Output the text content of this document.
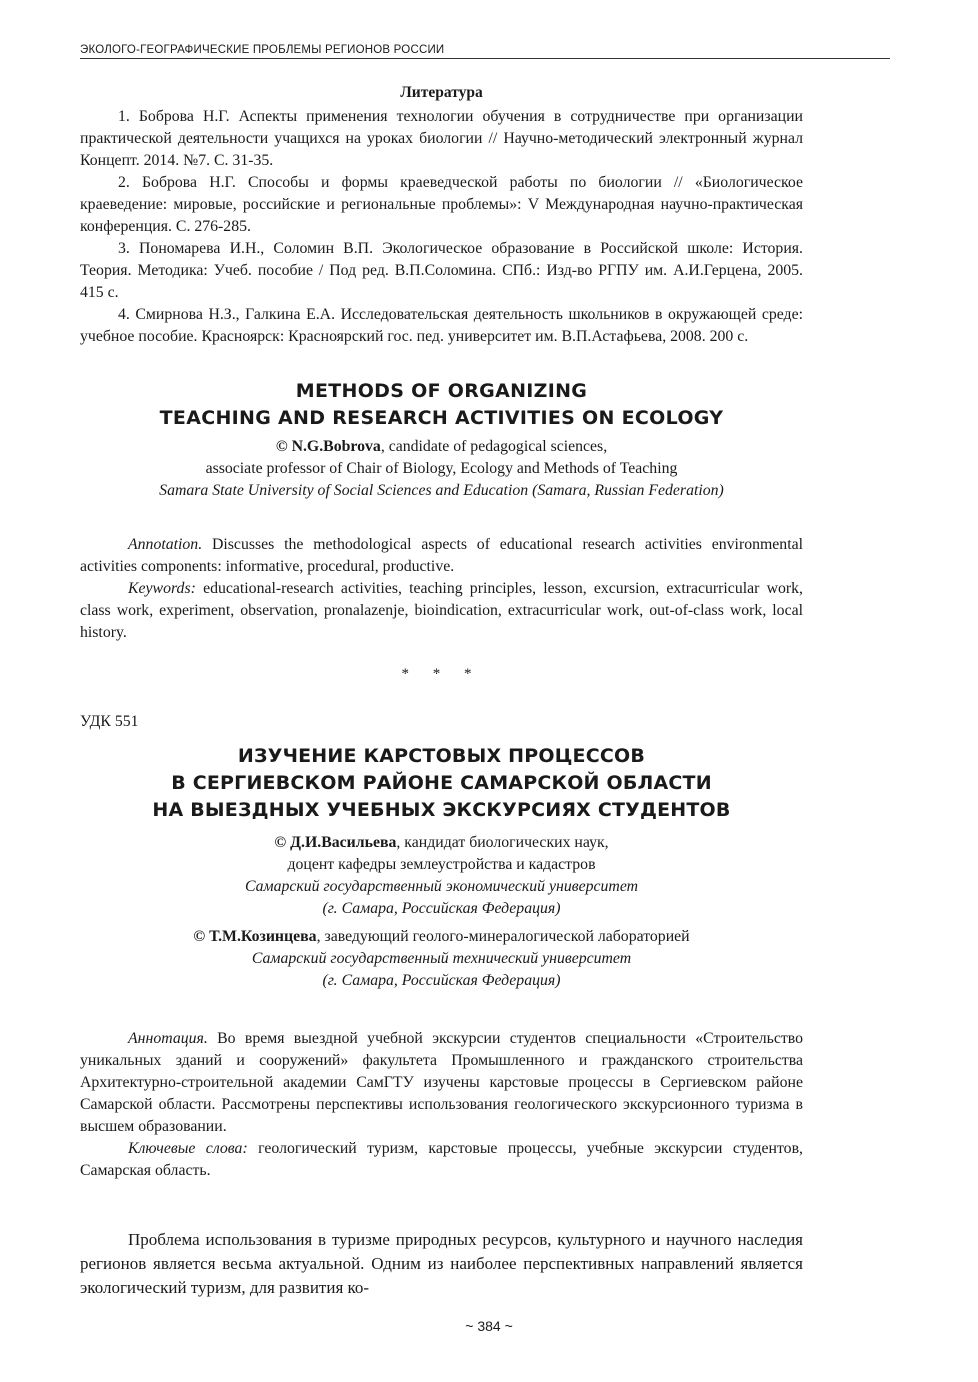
ЭКОЛОГО-ГЕОГРАФИЧЕСКИЕ ПРОБЛЕМЫ РЕГИОНОВ РОССИИ
Литература

1. Боброва Н.Г. Аспекты применения технологии обучения в сотрудничестве при организации практической деятельности учащихся на уроках биологии // Научно-методический электронный журнал Концепт. 2014. №7. С. 31-35.

2. Боброва Н.Г. Способы и формы краеведческой работы по биологии // «Биологическое краеведение: мировые, российские и региональные проблемы»: V Международная научно-практическая конференция. С. 276-285.

3. Пономарева И.Н., Соломин В.П. Экологическое образование в Российской школе: История. Теория. Методика: Учеб. пособие / Под ред. В.П.Соломина. СПб.: Изд-во РГПУ им. А.И.Герцена, 2005. 415 с.

4. Смирнова Н.З., Галкина Е.А. Исследовательская деятельность школьников в окружающей среде: учебное пособие. Красноярск: Красноярский гос. пед. университет им. В.П.Астафьева, 2008. 200 с.

METHODS OF ORGANIZING
TEACHING AND RESEARCH ACTIVITIES ON ECOLOGY
© N.G.Bobrova, candidate of pedagogical sciences,
associate professor of Chair of Biology, Ecology and Methods of Teaching
Samara State University of Social Sciences and Education (Samara, Russian Federation)

Annotation. Discusses the methodological aspects of educational research activities environmental activities components: informative, procedural, productive.

Keywords: educational-research activities, teaching principles, lesson, excursion, extracurricular work, class work, experiment, observation, pronalazenje, bioindication, extracurricular work, out-of-class work, local history.

* * *
УДК 551
ИЗУЧЕНИЕ КАРСТОВЫХ ПРОЦЕССОВ
В СЕРГИЕВСКОМ РАЙОНЕ САМАРСКОЙ ОБЛАСТИ
НА ВЫЕЗДНЫХ УЧЕБНЫХ ЭКСКУРСИЯХ СТУДЕНТОВ
© Д.И.Васильева, кандидат биологических наук,
доцент кафедры землеустройства и кадастров
Самарский государственный экономический университет
(г. Самара, Российская Федерация)
© Т.М.Козинцева, заведующий геолого-минералогической лабораторией
Самарский государственный технический университет
(г. Самара, Российская Федерация)

Аннотация. Во время выездной учебной экскурсии студентов специальности «Строительство уникальных зданий и сооружений» факультета Промышленного и гражданского строительства Архитектурно-строительной академии СамГТУ изучены карстовые процессы в Сергиевском районе Самарской области. Рассмотрены перспективы использования геологического экскурсионного туризма в высшем образовании.

Ключевые слова: геологический туризм, карстовые процессы, учебные экскурсии студентов, Самарская область.

Проблема использования в туризме природных ресурсов, культурного и научного наследия регионов является весьма актуальной. Одним из наиболее перспективных направлений является экологический туризм, для развития ко-

~ 384 ~
